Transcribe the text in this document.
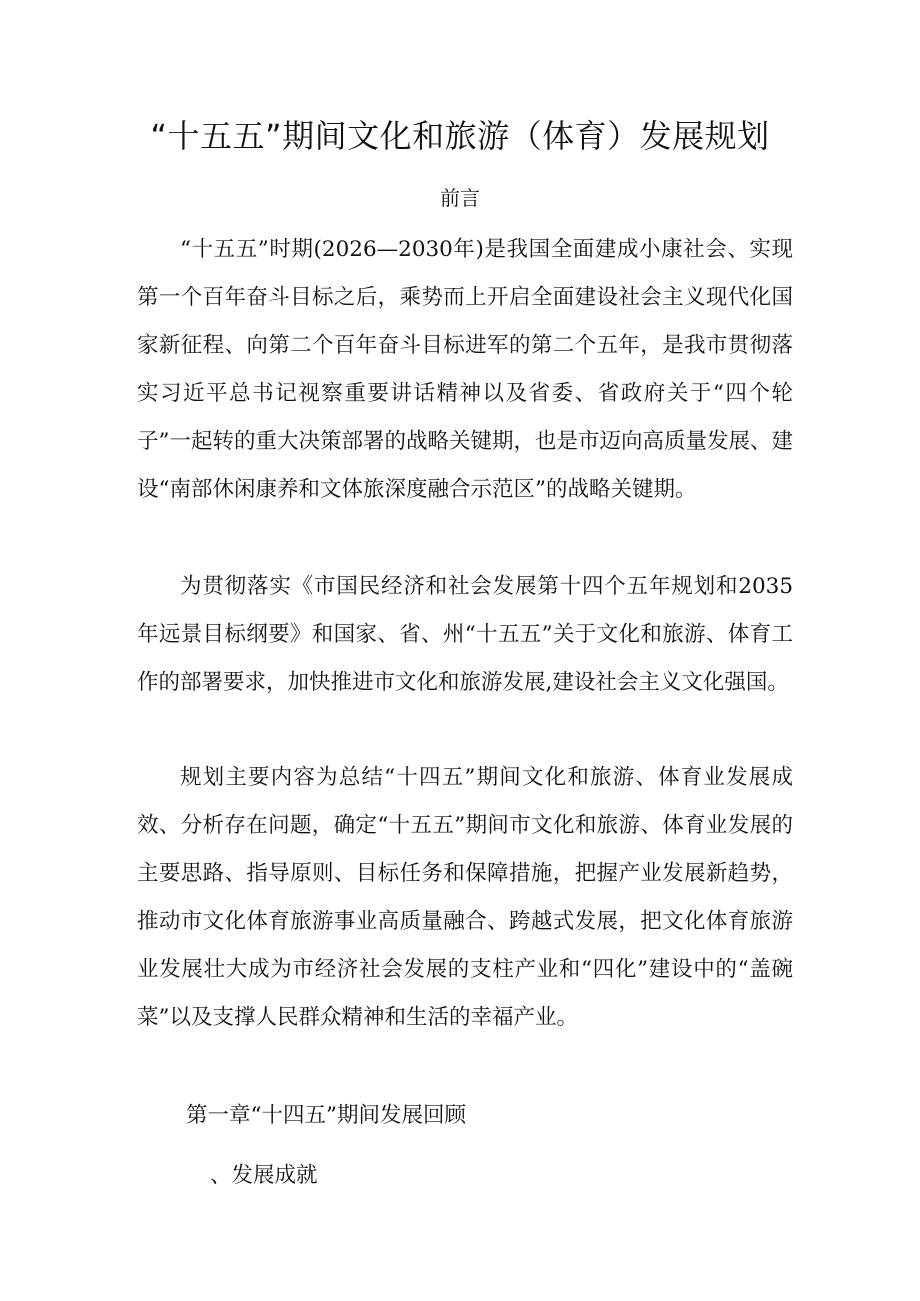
“十五五”期间文化和旅游（体育）发展规划
前言

“十五五”时期(2026—2030年)是我国全面建成小康社会、实现第一个百年奋斗目标之后，乘势而上开启全面建设社会主义现代化国家新征程、向第二个百年奋斗目标进军的第二个五年，是我市贯彻落实习近平总书记视察重要讲话精神以及省委、省政府关于“四个轮子”一起转的重大决策部署的战略关键期，也是市迈向高质量发展、建设“南部休闲康养和文体旅深度融合示范区”的战略关键期。

为贯彻落实《市国民经济和社会发展第十四个五年规划和2035年远景目标纲要》和国家、省、州“十五五”关于文化和旅游、体育工作的部署要求，加快推进市文化和旅游发展,建设社会主义文化强国。

规划主要内容为总结“十四五”期间文化和旅游、体育业发展成效、分析存在问题，确定“十五五”期间市文化和旅游、体育业发展的主要思路、指导原则、目标任务和保障措施，把握产业发展新趋势，推动市文化体育旅游事业高质量融合、跨越式发展，把文化体育旅游业发展壮大成为市经济社会发展的支柱产业和“四化”建设中的“盖碗菜”以及支撑人民群众精神和生活的幸福产业。

第一章“十四五”期间发展回顾
、发展成就
